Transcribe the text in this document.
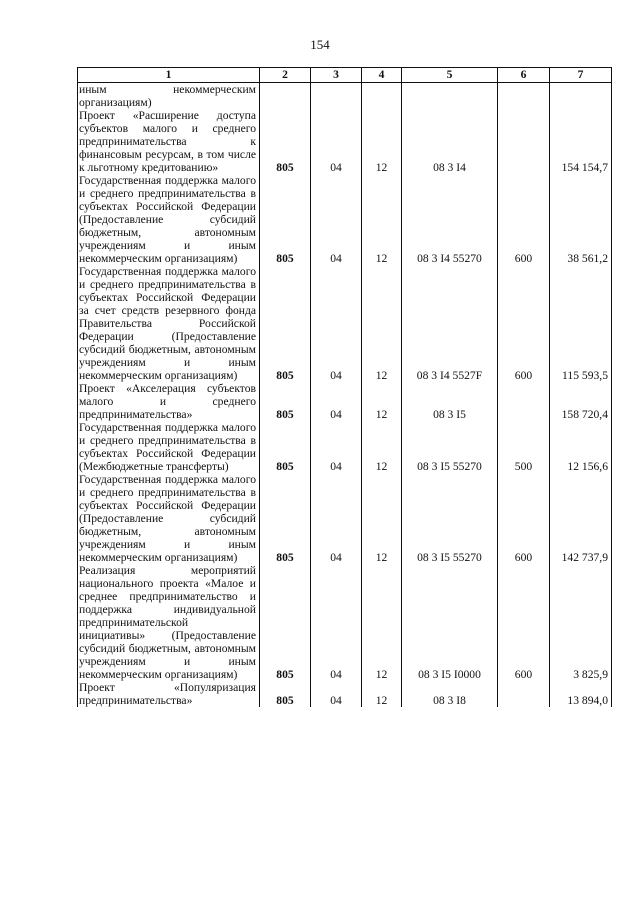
154
1	2	3	4	5	6	7
иным некоммерческим организациям)						
Проект «Расширение доступа субъектов малого и среднего предпринимательства к финансовым ресурсам, в том числе к льготному кредитованию»	805	04	12	08 3 I4		154 154,7
Государственная поддержка малого и среднего предпринимательства в субъектах Российской Федерации (Предоставление субсидий бюджетным, автономным учреждениям и иным некоммерческим организациям)	805	04	12	08 3 I4 55270	600	38 561,2
Государственная поддержка малого и среднего предпринимательства в субъектах Российской Федерации за счет средств резервного фонда Правительства Российской Федерации (Предоставление субсидий бюджетным, автономным учреждениям и иным некоммерческим организациям)	805	04	12	08 3 I4 5527F	600	115 593,5
Проект «Акселерация субъектов малого и среднего предпринимательства»	805	04	12	08 3 I5		158 720,4
Государственная поддержка малого и среднего предпринимательства в субъектах Российской Федерации (Межбюджетные трансферты)	805	04	12	08 3 I5 55270	500	12 156,6
Государственная поддержка малого и среднего предпринимательства в субъектах Российской Федерации (Предоставление субсидий бюджетным, автономным учреждениям и иным некоммерческим организациям)	805	04	12	08 3 I5 55270	600	142 737,9
Реализация мероприятий национального проекта «Малое и среднее предпринимательство и поддержка индивидуальной предпринимательской инициативы» (Предоставление субсидий бюджетным, автономным учреждениям и иным некоммерческим организациям)	805	04	12	08 3 I5 I0000	600	3 825,9
Проект «Популяризация предпринимательства»	805	04	12	08 3 I8		13 894,0
